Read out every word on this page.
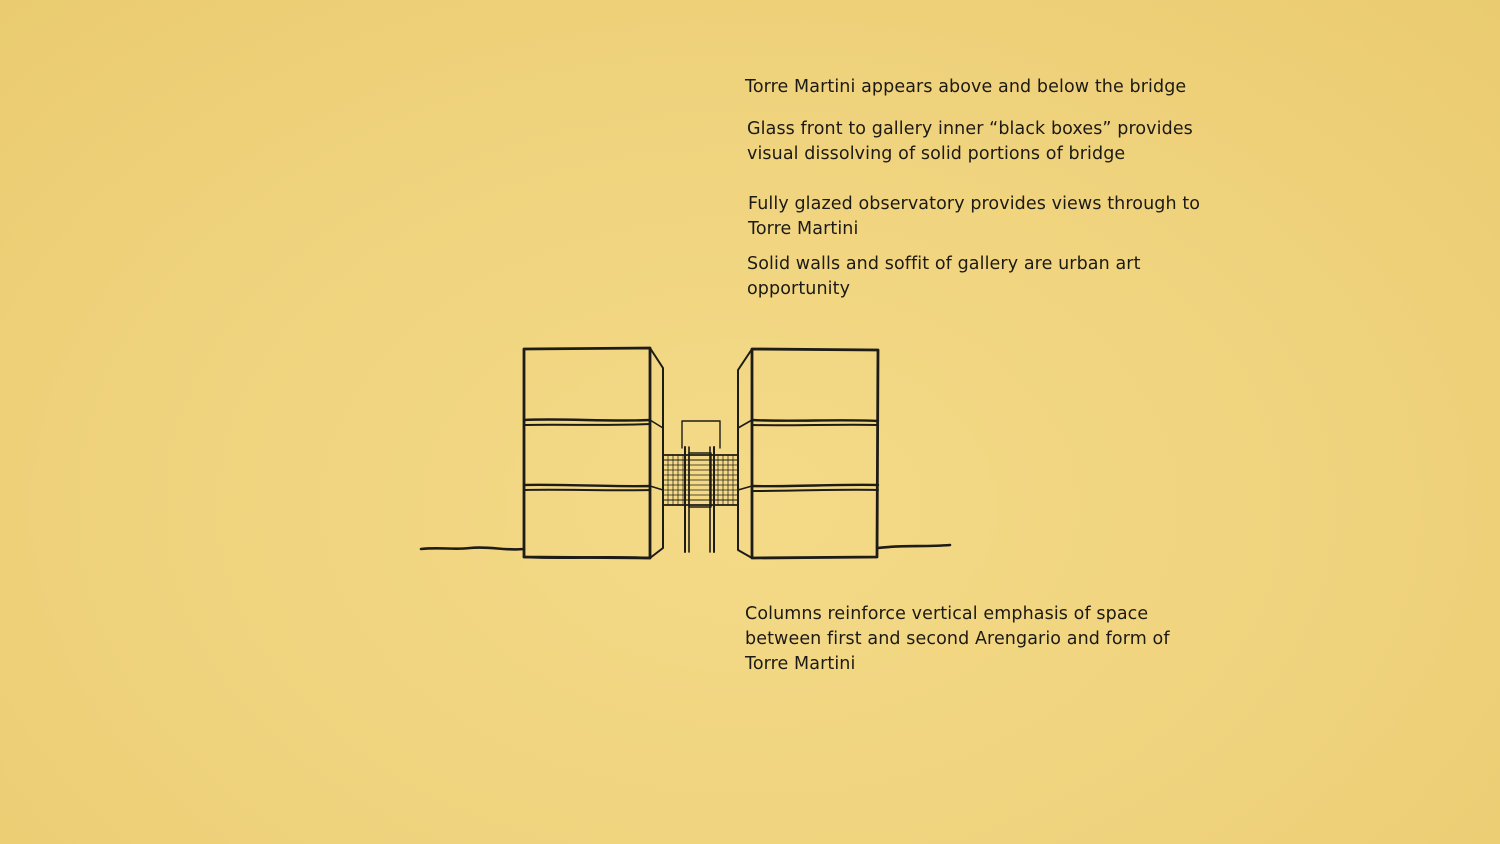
Torre Martini appears above and below the bridge

Glass front to gallery inner “black boxes” provides
visual dissolving of solid portions of bridge

Fully glazed observatory provides views through to
Torre Martini

Solid walls and soffit of gallery are urban art
opportunity

Columns reinforce vertical emphasis of space
between first and second Arengario and form of
Torre Martini
